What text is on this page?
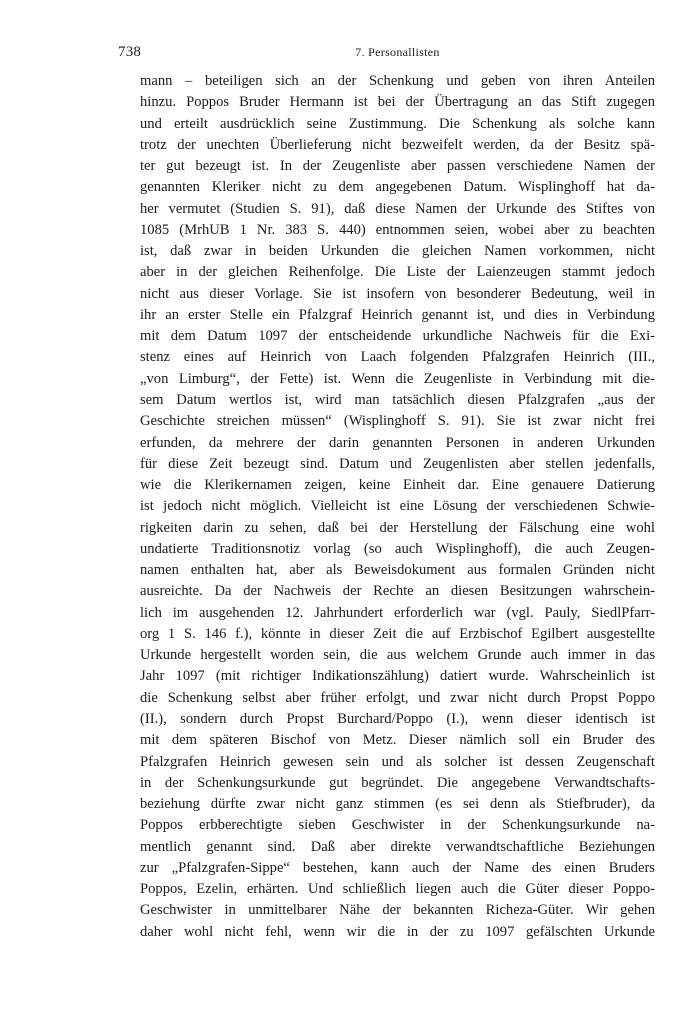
738	7. Personallisten
mann – beteiligen sich an der Schenkung und geben von ihren Anteilen
hinzu. Poppos Bruder Hermann ist bei der Übertragung an das Stift zugegen
und erteilt ausdrücklich seine Zustimmung. Die Schenkung als solche kann
trotz der unechten Überlieferung nicht bezweifelt werden, da der Besitz spä-
ter gut bezeugt ist. In der Zeugenliste aber passen verschiedene Namen der
genannten Kleriker nicht zu dem angegebenen Datum. Wisplinghoff hat da-
her vermutet (Studien S. 91), daß diese Namen der Urkunde des Stiftes von
1085 (MrhUB 1 Nr. 383 S. 440) entnommen seien, wobei aber zu beachten
ist, daß zwar in beiden Urkunden die gleichen Namen vorkommen, nicht
aber in der gleichen Reihenfolge. Die Liste der Laienzeugen stammt jedoch
nicht aus dieser Vorlage. Sie ist insofern von besonderer Bedeutung, weil in
ihr an erster Stelle ein Pfalzgraf Heinrich genannt ist, und dies in Verbindung
mit dem Datum 1097 der entscheidende urkundliche Nachweis für die Exi-
stenz eines auf Heinrich von Laach folgenden Pfalzgrafen Heinrich (III.,
„von Limburg“, der Fette) ist. Wenn die Zeugenliste in Verbindung mit die-
sem Datum wertlos ist, wird man tatsächlich diesen Pfalzgrafen „aus der
Geschichte streichen müssen“ (Wisplinghoff S. 91). Sie ist zwar nicht frei
erfunden, da mehrere der darin genannten Personen in anderen Urkunden
für diese Zeit bezeugt sind. Datum und Zeugenlisten aber stellen jedenfalls,
wie die Klerikernamen zeigen, keine Einheit dar. Eine genauere Datierung
ist jedoch nicht möglich. Vielleicht ist eine Lösung der verschiedenen Schwie-
rigkeiten darin zu sehen, daß bei der Herstellung der Fälschung eine wohl
undatierte Traditionsnotiz vorlag (so auch Wisplinghoff), die auch Zeugen-
namen enthalten hat, aber als Beweisdokument aus formalen Gründen nicht
ausreichte. Da der Nachweis der Rechte an diesen Besitzungen wahrschein-
lich im ausgehenden 12. Jahrhundert erforderlich war (vgl. Pauly, SiedlPfarr-
org 1 S. 146 f.), könnte in dieser Zeit die auf Erzbischof Egilbert ausgestellte
Urkunde hergestellt worden sein, die aus welchem Grunde auch immer in das
Jahr 1097 (mit richtiger Indikationszählung) datiert wurde. Wahrscheinlich ist
die Schenkung selbst aber früher erfolgt, und zwar nicht durch Propst Poppo
(II.), sondern durch Propst Burchard/Poppo (I.), wenn dieser identisch ist
mit dem späteren Bischof von Metz. Dieser nämlich soll ein Bruder des
Pfalzgrafen Heinrich gewesen sein und als solcher ist dessen Zeugenschaft
in der Schenkungsurkunde gut begründet. Die angegebene Verwandtschafts-
beziehung dürfte zwar nicht ganz stimmen (es sei denn als Stiefbruder), da
Poppos erbberechtigte sieben Geschwister in der Schenkungsurkunde na-
mentlich genannt sind. Daß aber direkte verwandtschaftliche Beziehungen
zur „Pfalzgrafen-Sippe“ bestehen, kann auch der Name des einen Bruders
Poppos, Ezelin, erhärten. Und schließlich liegen auch die Güter dieser Poppo-
Geschwister in unmittelbarer Nähe der bekannten Richeza-Güter. Wir gehen
daher wohl nicht fehl, wenn wir die in der zu 1097 gefälschten Urkunde
